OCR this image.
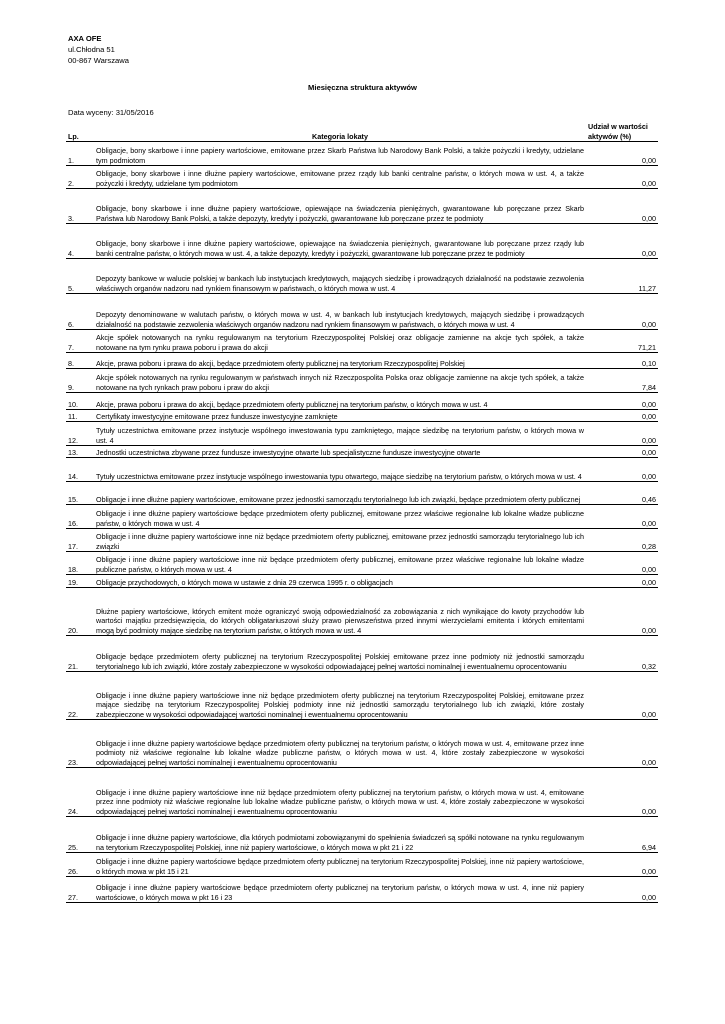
AXA OFE
ul.Chłodna 51
00-867 Warszawa
Miesięczna struktura aktywów
Data wyceny: 31/05/2016
Lp.	Kategoria lokaty	Udział w wartości aktywów (%)
1.	Obligacje, bony skarbowe i inne papiery wartościowe, emitowane przez Skarb Państwa lub Narodowy Bank Polski, a także pożyczki i kredyty, udzielane tym podmiotom	0,00
2.	Obligacje, bony skarbowe i inne dłużne papiery wartościowe, emitowane przez rządy lub banki centralne państw, o których mowa w ust. 4, a także pożyczki i kredyty, udzielane tym podmiotom	0,00
3.	Obligacje, bony skarbowe i inne dłużne papiery wartościowe, opiewające na świadczenia pieniężnych, gwarantowane lub poręczane przez Skarb Państwa lub Narodowy Bank Polski, a także depozyty, kredyty i pożyczki, gwarantowane lub poręczane przez te podmioty	0,00
4.	Obligacje, bony skarbowe i inne dłużne papiery wartościowe, opiewające na świadczenia pieniężnych, gwarantowane lub poręczane przez rządy lub banki centralne państw, o których mowa w ust. 4, a także depozyty, kredyty i pożyczki, gwarantowane lub poręczane przez te podmioty	0,00
5.	Depozyty bankowe w walucie polskiej w bankach lub instytucjach kredytowych, mających siedzibę i prowadzących działalność na podstawie zezwolenia właściwych organów nadzoru nad rynkiem finansowym w państwach, o których mowa w ust. 4	11,27
6.	Depozyty denominowane w walutach państw, o których mowa w ust. 4, w bankach lub instytucjach kredytowych, mających siedzibę i prowadzących działalność na podstawie zezwolenia właściwych organów nadzoru nad rynkiem finansowym w państwach, o których mowa w ust. 4	0,00
7.	Akcje spółek notowanych na rynku regulowanym na terytorium Rzeczypospolitej Polskiej oraz obligacje zamienne na akcje tych spółek, a także notowane na tym rynku prawa poboru i prawa do akcji	71,21
8.	Akcje, prawa poboru i prawa do akcji, będące przedmiotem oferty publicznej na terytorium Rzeczypospolitej Polskiej	0,10
9.	Akcje spółek notowanych na rynku regulowanym w państwach innych niż Rzeczpospolita Polska oraz obligacje zamienne na akcje tych spółek, a także notowane na tych rynkach praw poboru i praw do akcji	7,84
10.	Akcje, prawa poboru i prawa do akcji, będące przedmiotem oferty publicznej na terytorium państw, o których mowa w ust. 4	0,00
11.	Certyfikaty inwestycyjne emitowane przez fundusze inwestycyjne zamknięte	0,00
12.	Tytuły uczestnictwa emitowane przez instytucje wspólnego inwestowania typu zamkniętego, mające siedzibę na terytorium państw, o których mowa w ust. 4	0,00
13.	Jednostki uczestnictwa zbywane przez fundusze inwestycyjne otwarte lub specjalistyczne fundusze inwestycyjne otwarte	0,00
14.	Tytuły uczestnictwa emitowane przez instytucje wspólnego inwestowania typu otwartego, mające siedzibę na terytorium państw, o których mowa w ust. 4	0,00
15.	Obligacje i inne dłużne papiery wartościowe, emitowane przez jednostki samorządu terytorialnego lub ich związki, będące przedmiotem oferty publicznej	0,46
16.	Obligacje i inne dłużne papiery wartościowe będące przedmiotem oferty publicznej, emitowane przez właściwe regionalne lub lokalne władze publiczne państw, o których mowa w ust. 4	0,00
17.	Obligacje i inne dłużne papiery wartościowe inne niż będące przedmiotem oferty publicznej, emitowane przez jednostki samorządu terytorialnego lub ich związki	0,28
18.	Obligacje i inne dłużne papiery wartościowe inne niż będące przedmiotem oferty publicznej, emitowane przez właściwe regionalne lub lokalne władze publiczne państw, o których mowa w ust. 4	0,00
19.	Obligacje przychodowych, o których mowa w ustawie z dnia 29 czerwca 1995 r. o obligacjach	0,00
20.	Dłużne papiery wartościowe, których emitent może ograniczyć swoją odpowiedzialność za zobowiązania z nich wynikające do kwoty przychodów lub wartości majątku przedsięwzięcia, do których obligatariuszowi służy prawo pierwszeństwa przed innymi wierzycielami emitenta i których emitentami mogą być podmioty mające siedzibę na terytorium państw, o których mowa w ust. 4	0,00
21.	Obligacje będące przedmiotem oferty publicznej na terytorium Rzeczypospolitej Polskiej emitowane przez inne podmioty niż jednostki samorządu terytorialnego lub ich związki, które zostały zabezpieczone w wysokości odpowiadającej pełnej wartości nominalnej i ewentualnemu oprocentowaniu	0,32
22.	Obligacje i inne dłużne papiery wartościowe inne niż będące przedmiotem oferty publicznej na terytorium Rzeczypospolitej Polskiej, emitowane przez mające siedzibę na terytorium Rzeczypospolitej Polskiej podmioty inne niż jednostki samorządu terytorialnego lub ich związki, które zostały zabezpieczone w wysokości odpowiadającej wartości nominalnej i ewentualnemu oprocentowaniu	0,00
23.	Obligacje i inne dłużne papiery wartościowe będące przedmiotem oferty publicznej na terytorium państw, o których mowa w ust. 4, emitowane przez inne podmioty niż właściwe regionalne lub lokalne władze publiczne państw, o których mowa w ust. 4, które zostały zabezpieczone w wysokości odpowiadającej pełnej wartości nominalnej i ewentualnemu oprocentowaniu	0,00
24.	Obligacje i inne dłużne papiery wartościowe inne niż będące przedmiotem oferty publicznej na terytorium państw, o których mowa w ust. 4, emitowane przez inne podmioty niż właściwe regionalne lub lokalne władze publiczne państw, o których mowa w ust. 4, które zostały zabezpieczone w wysokości odpowiadającej pełnej wartości nominalnej i ewentualnemu oprocentowaniu	0,00
25.	Obligacje i inne dłużne papiery wartościowe, dla których podmiotami zobowiązanymi do spełnienia świadczeń są spółki notowane na rynku regulowanym na terytorium Rzeczypospolitej Polskiej, inne niż papiery wartościowe, o których mowa w pkt 21 i 22	6,94
26.	Obligacje i inne dłużne papiery wartościowe będące przedmiotem oferty publicznej na terytorium Rzeczypospolitej Polskiej, inne niż papiery wartościowe, o których mowa w pkt 15 i 21	0,00
27.	Obligacje i inne dłużne papiery wartościowe będące przedmiotem oferty publicznej na terytorium państw, o których mowa w ust. 4, inne niż papiery wartościowe, o których mowa w pkt 16 i 23	0,00
